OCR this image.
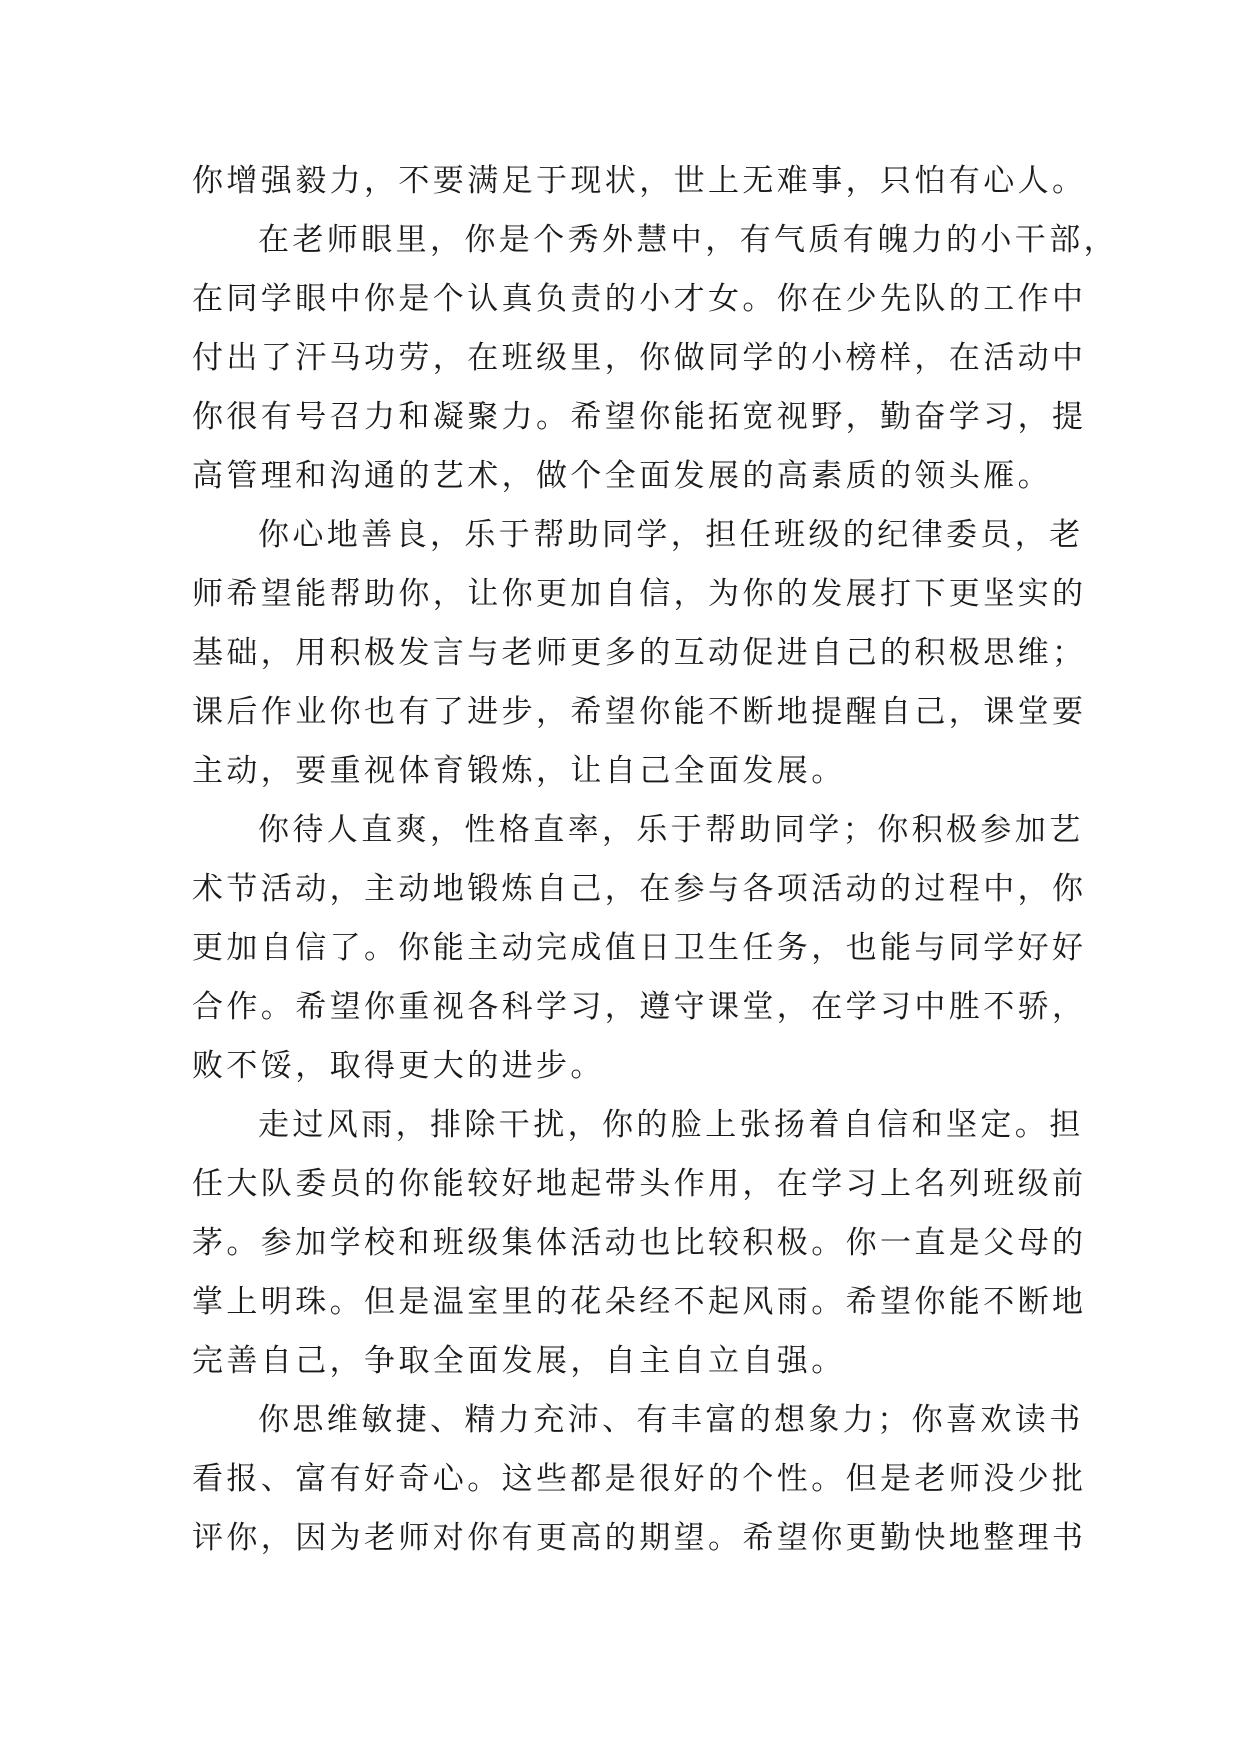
你增强毅力，不要满足于现状，世上无难事，只怕有心人。
在老师眼里，你是个秀外慧中，有气质有魄力的小干部，
在同学眼中你是个认真负责的小才女。你在少先队的工作中
付出了汗马功劳，在班级里，你做同学的小榜样，在活动中
你很有号召力和凝聚力。希望你能拓宽视野，勤奋学习，提
高管理和沟通的艺术，做个全面发展的高素质的领头雁。
你心地善良，乐于帮助同学，担任班级的纪律委员，老
师希望能帮助你，让你更加自信，为你的发展打下更坚实的
基础，用积极发言与老师更多的互动促进自己的积极思维；
课后作业你也有了进步，希望你能不断地提醒自己，课堂要
主动，要重视体育锻炼，让自己全面发展。
你待人直爽，性格直率，乐于帮助同学；你积极参加艺
术节活动，主动地锻炼自己，在参与各项活动的过程中，你
更加自信了。你能主动完成值日卫生任务，也能与同学好好
合作。希望你重视各科学习，遵守课堂，在学习中胜不骄，
败不馁，取得更大的进步。
走过风雨，排除干扰，你的脸上张扬着自信和坚定。担
任大队委员的你能较好地起带头作用，在学习上名列班级前
茅。参加学校和班级集体活动也比较积极。你一直是父母的
掌上明珠。但是温室里的花朵经不起风雨。希望你能不断地
完善自己，争取全面发展，自主自立自强。
你思维敏捷、精力充沛、有丰富的想象力；你喜欢读书
看报、富有好奇心。这些都是很好的个性。但是老师没少批
评你，因为老师对你有更高的期望。希望你更勤快地整理书
